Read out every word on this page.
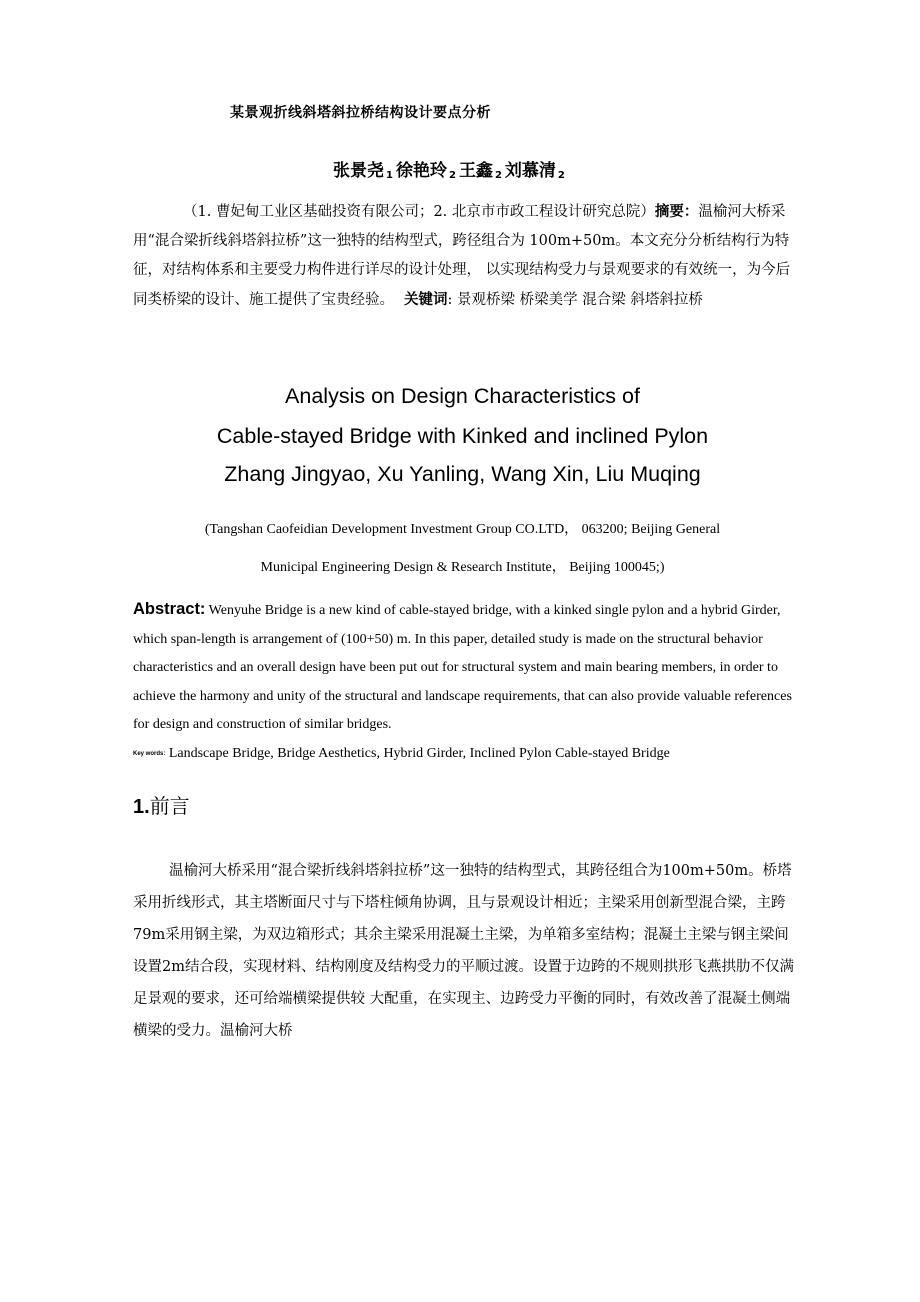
某景观折线斜塔斜拉桥结构设计要点分析
张景尧 $_1$ 徐艳玲 $_2$ 王鑫 $_2$ 刘慕清 $_2$
（1. 曹妃甸工业区基础投资有限公司；2. 北京市市政工程设计研究总院）摘要：温榆河大桥采用“混合梁折线斜塔斜拉桥”这一独特的结构型式，跨径组合为 100m+50m。本文充分分析结构行为特征，对结构体系和主要受力构件进行详尽的设计处理， 以实现结构受力与景观要求的有效统一，为今后同类桥梁的设计、施工提供了宝贵经验。 关键词: 景观桥梁 桥梁美学 混合梁 斜塔斜拉桥
Analysis on Design Characteristics of
Cable-stayed Bridge with Kinked and inclined Pylon
Zhang Jingyao, Xu Yanling, Wang Xin, Liu Muqing
(Tangshan Caofeidian Development Investment Group CO.LTD， 063200; Beijing General
Municipal Engineering Design & Research Institute， Beijing 100045;)
Abstract: Wenyuhe Bridge is a new kind of cable-stayed bridge, with a kinked single pylon and a hybrid Girder, which span-length is arrangement of (100+50) m. In this paper, detailed study is made on the structural behavior characteristics and an overall design have been put out for structural system and main bearing members, in order to achieve the harmony and unity of the structural and landscape requirements, that can also provide valuable references for design and construction of similar bridges.
Key words: Landscape Bridge, Bridge Aesthetics, Hybrid Girder, Inclined Pylon Cable-stayed Bridge
1.前言
温榆河大桥采用“混合梁折线斜塔斜拉桥”这一独特的结构型式，其跨径组合为100m+50m。桥塔采用折线形式，其主塔断面尺寸与下塔柱倾角协调，且与景观设计相近；主梁采用创新型混合梁，主跨79m采用钢主梁，为双边箱形式；其余主梁采用混凝土主梁，为单箱多室结构；混凝土主梁与钢主梁间设置2m结合段，实现材料、结构刚度及结构受力的平顺过渡。设置于边跨的不规则拱形飞燕拱肋不仅满足景观的要求，还可给端横梁提供较 大配重，在实现主、边跨受力平衡的同时，有效改善了混凝土侧端横梁的受力。温榆河大桥
